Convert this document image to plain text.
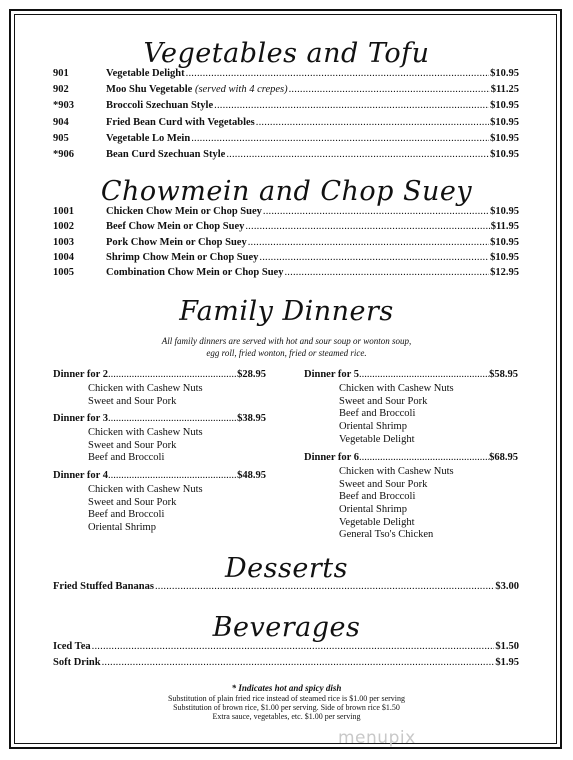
Vegetables and Tofu
901	Vegetable Delight .....	$10.95
902	Moo Shu Vegetable (served with 4 crepes) .....	$11.25
*903	Broccoli Szechuan Style .....	$10.95
904	Fried Bean Curd with Vegetables .....	$10.95
905	Vegetable Lo Mein .....	$10.95
*906	Bean Curd Szechuan Style .....	$10.95
Chowmein and Chop Suey
1001	Chicken Chow Mein or Chop Suey .....	$10.95
1002	Beef Chow Mein or Chop Suey .....	$11.95
1003	Pork Chow Mein or Chop Suey .....	$10.95
1004	Shrimp Chow Mein or Chop Suey .....	$10.95
1005	Combination Chow Mein or Chop Suey .....	$12.95
Family Dinners
All family dinners are served with hot and sour soup or wonton soup,
egg roll, fried wonton, fried or steamed rice.
Dinner for 2 .....	$28.95
Chicken with Cashew Nuts
Sweet and Sour Pork
Dinner for 3 .....	$38.95
Chicken with Cashew Nuts
Sweet and Sour Pork
Beef and Broccoli
Dinner for 4 .....	$48.95
Chicken with Cashew Nuts
Sweet and Sour Pork
Beef and Broccoli
Oriental Shrimp
Dinner for 5 .....	$58.95
Chicken with Cashew Nuts
Sweet and Sour Pork
Beef and Broccoli
Oriental Shrimp
Vegetable Delight
Dinner for 6 .....	$68.95
Chicken with Cashew Nuts
Sweet and Sour Pork
Beef and Broccoli
Oriental Shrimp
Vegetable Delight
General Tso's Chicken
Desserts
Fried Stuffed Bananas .....	$3.00
Beverages
Iced Tea .....	$1.50
Soft Drink .....	$1.95
* Indicates hot and spicy dish
Substitution of plain fried rice instead of steamed rice is $1.00 per serving
Substitution of brown rice, $1.00 per serving. Side of brown rice $1.50
Extra sauce, vegetables, etc. $1.00 per serving
menupix
